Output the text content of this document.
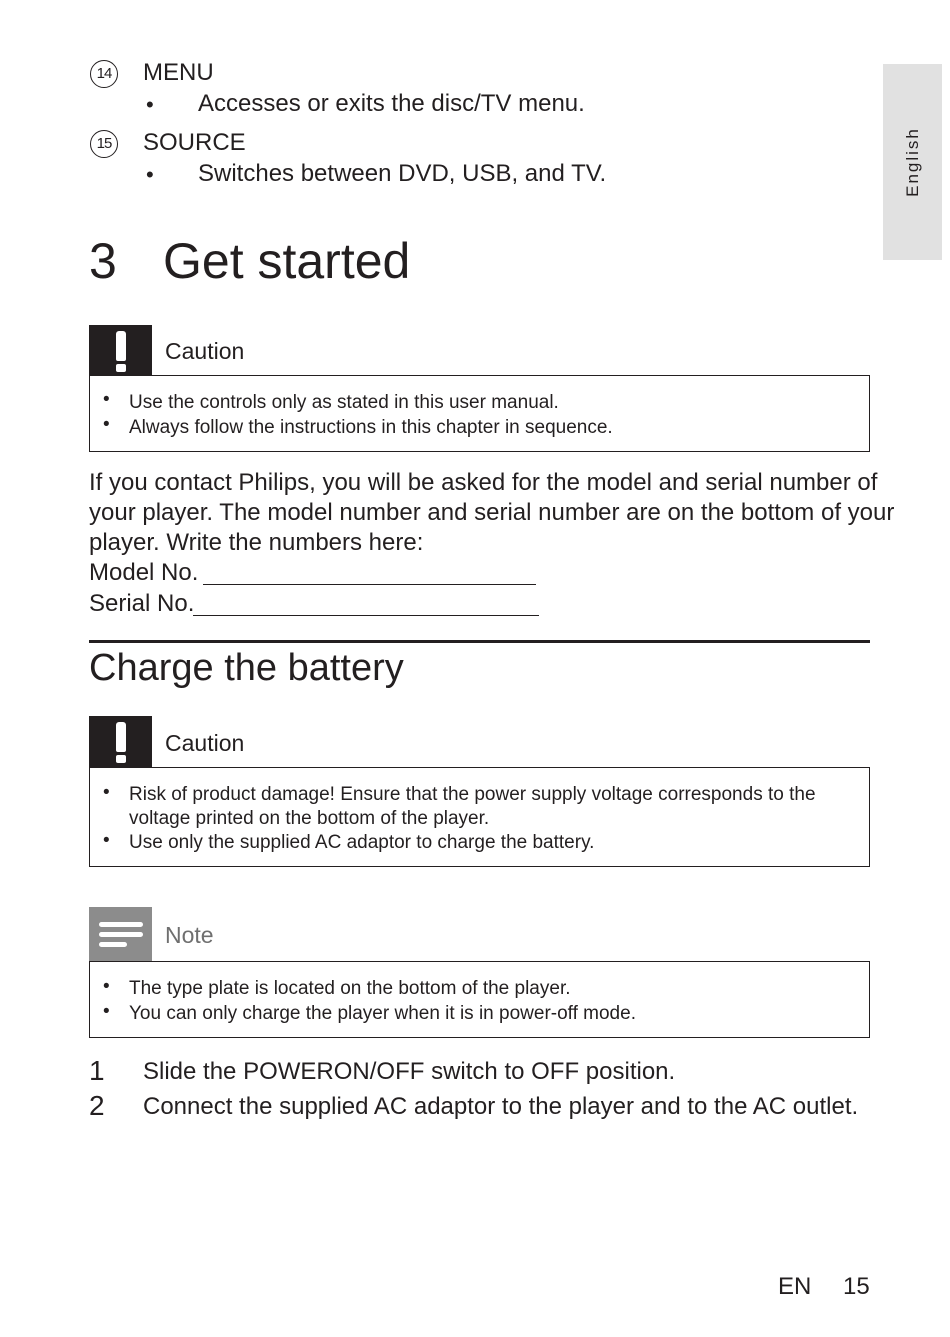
English
14 MENU
• Accesses or exits the disc/TV menu.
15 SOURCE
• Switches between DVD, USB, and TV.
3 Get started
Caution
• Use the controls only as stated in this user manual.
• Always follow the instructions in this chapter in sequence.
If you contact Philips, you will be asked for the model and serial number of
your player. The model number and serial number are on the bottom of your
player. Write the numbers here:
Model No.
Serial No.
Charge the battery
Caution
• Risk of product damage! Ensure that the power supply voltage corresponds to the
voltage printed on the bottom of the player.
• Use only the supplied AC adaptor to charge the battery.
Note
• The type plate is located on the bottom of the player.
• You can only charge the player when it is in power-off mode.
1 Slide the POWERON/OFF switch to OFF position.
2 Connect the supplied AC adaptor to the player and to the AC outlet.
EN 15
